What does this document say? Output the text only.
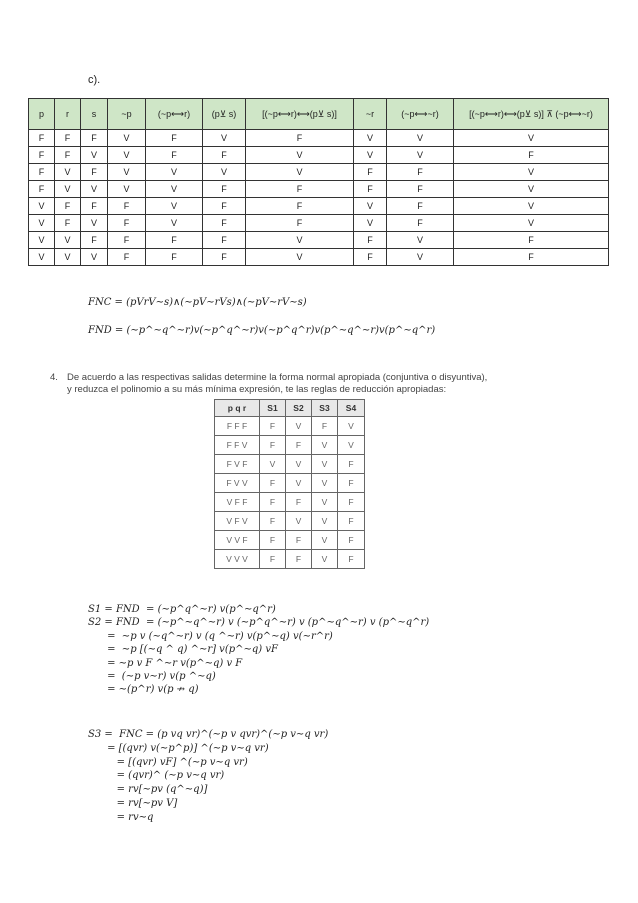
c).
p	r	s	~p	(~p⟷r)	(p⊻ s)	[(~p⟷r)⟷(p⊻ s)]	~r	(~p⟷~r)	[(~p⟷r)⟷(p⊻ s)] ⊼ (~p⟷~r)
F	F	F	V	F	V	F	V	V	V
F	F	V	V	F	F	V	V	V	F
F	V	F	V	V	V	V	F	F	V
F	V	V	V	V	F	F	F	F	V
V	F	F	F	V	F	F	V	F	V
V	F	V	F	V	F	F	V	F	V
V	V	F	F	F	F	V	F	V	F
V	V	V	F	F	F	V	F	V	F
FNC = (pVrV∼s)∧(∼pV∼rVs)∧(∼pV∼rV∼s)
FND = (∼p^∼q^∼r)v(∼p^q^∼r)v(∼p^q^r)v(p^∼q^∼r)v(p^∼q^r)
4. De acuerdo a las respectivas salidas determine la forma normal apropiada (conjuntiva o disyuntiva),
y reduzca el polinomio a su más mínima expresión, te las reglas de reducción apropiadas:
p q r	S1	S2	S3	S4
F F F	F	V	F	V
F F V	F	F	V	V
F V F	V	V	V	F
F V V	F	V	V	F
V F F	F	F	V	F
V F V	F	V	V	F
V V F	F	F	V	F
V V V	F	F	V	F
S1 = FND  = (∼p^q^∼r) v(p^∼q^r)
S2 = FND  = (∼p^∼q^∼r) v (∼p^q^∼r) v (p^∼q^∼r) v (p^∼q^r)
=  ∼p v (∼q^∼r) v (q ^∼r) v(p^∼q) v(∼r^r)
=  ∼p [(∼q ^ q) ^∼r] v(p^∼q) vF
= ∼p v F ^∼r v(p^∼q) v F
=  (∼p v∼r) v(p ^∼q)
= ∼(p^r) v(p ↛ q)
S3 =  FNC = (p vq vr)^(∼p v qvr)^(∼p v∼q vr)
= [(qvr) v(∼p^p)] ^(∼p v∼q vr)
= [(qvr) vF] ^(∼p v∼q vr)
= (qvr)^ (∼p v∼q vr)
= rv[∼pv (q^∼q)]
= rv[∼pv V]
= rv∼q
